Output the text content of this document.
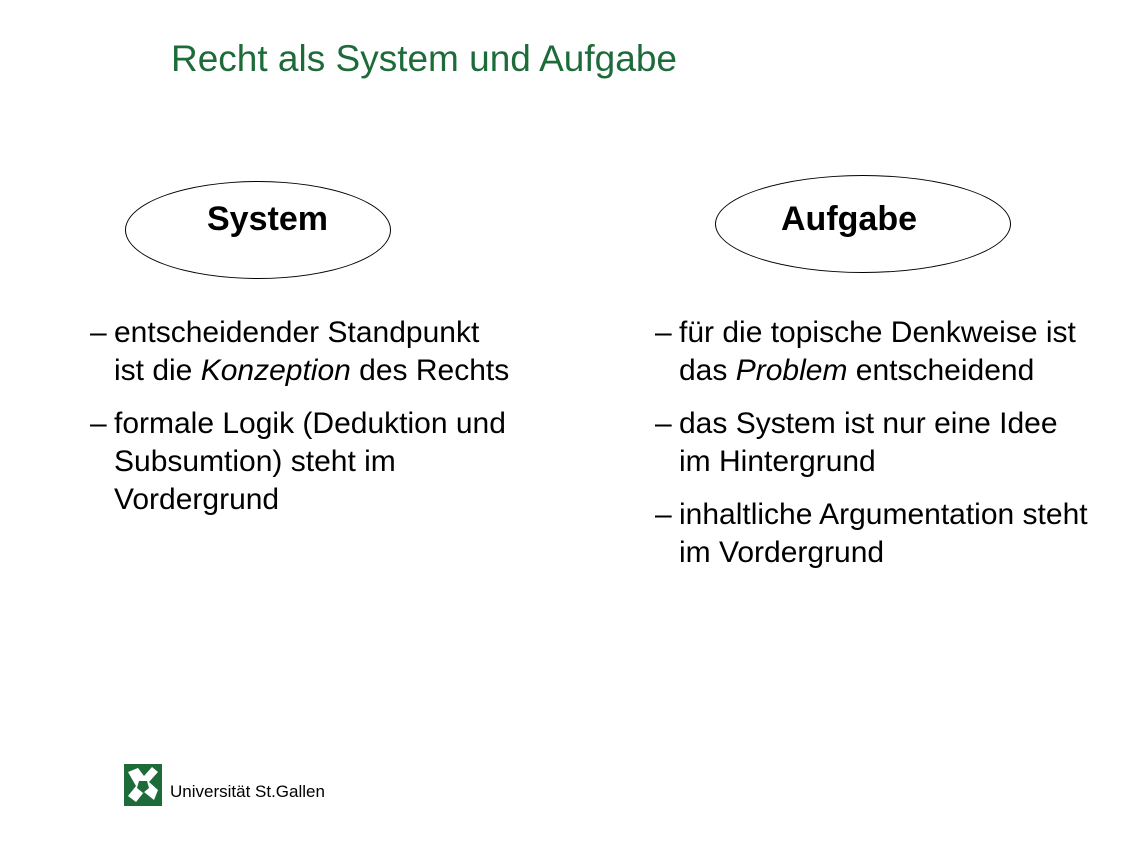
Recht als System und Aufgabe
System	Aufgabe
– entscheidender Standpunkt ist die Konzeption des Rechts
– formale Logik (Deduktion und Subsumtion) steht im Vordergrund
– für die topische Denkweise ist das Problem entscheidend
– das System ist nur eine Idee im Hintergrund
– inhaltliche Argumentation steht im Vordergrund
Universität St.Gallen
